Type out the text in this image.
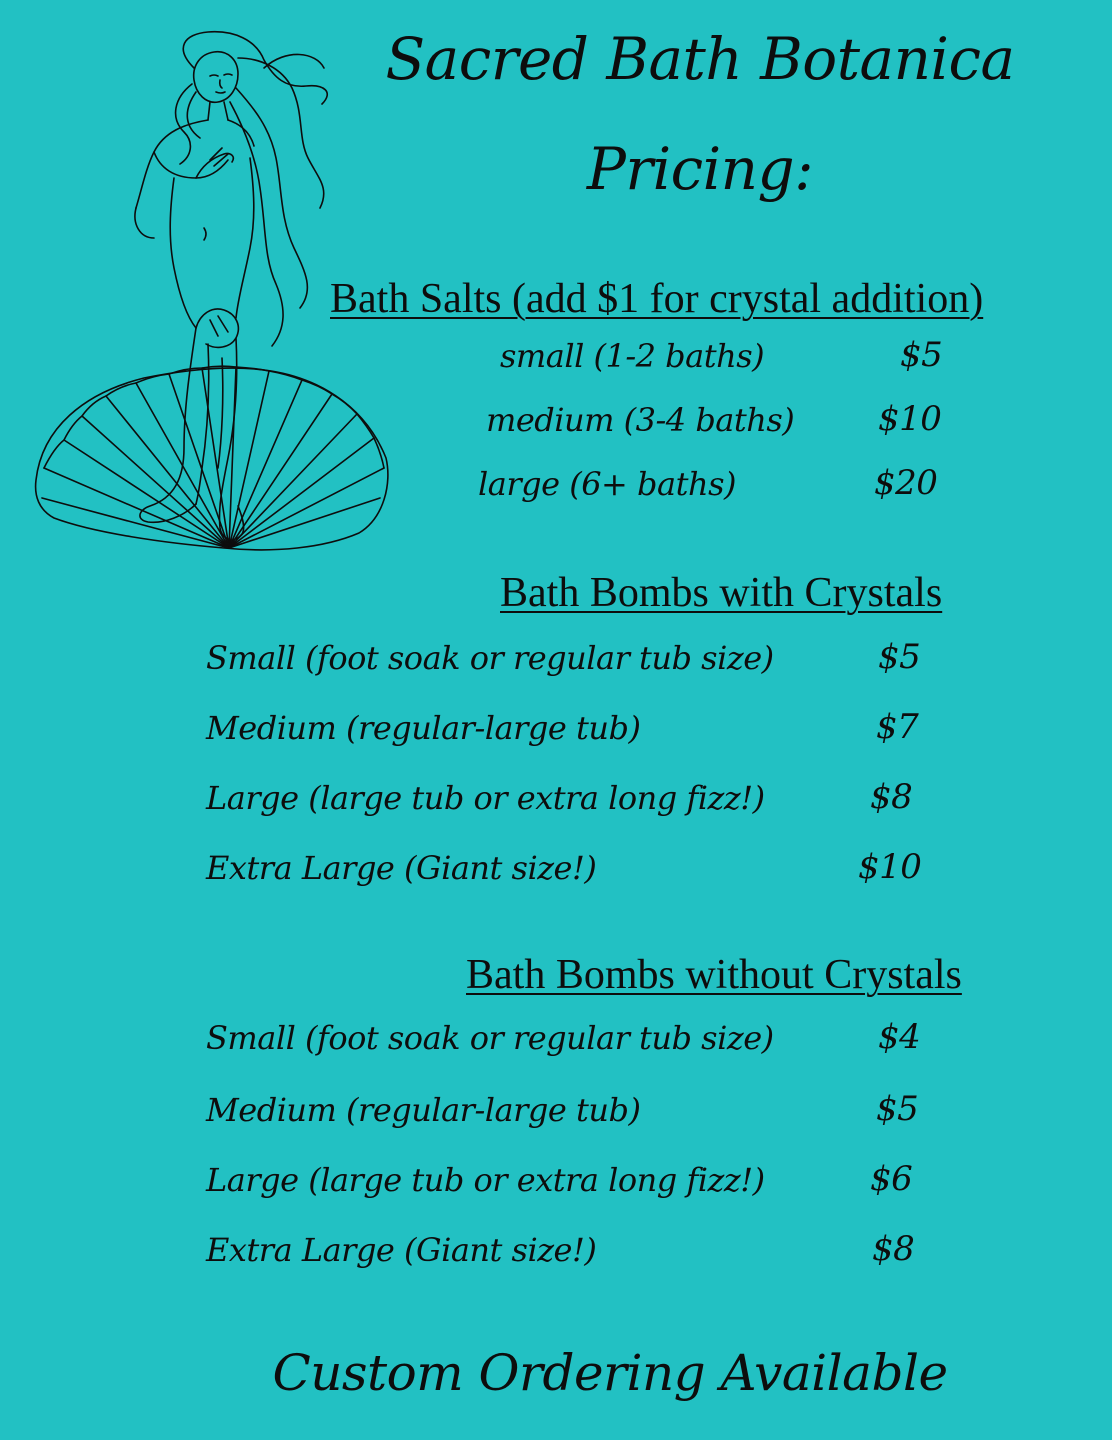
Sacred Bath Botanica
Pricing:
Bath Salts (add $1 for crystal addition)
small (1-2 baths)	$5
medium (3-4 baths) $10
large (6+ baths)	$20
Bath Bombs with Crystals
Small (foot soak or regular tub size)	$5
Medium (regular-large tub)	$7
Large (large tub or extra long fizz!)	$8
Extra Large (Giant size!)	$10
Bath Bombs without Crystals
Small (foot soak or regular tub size)	$4
Medium (regular-large tub)	$5
Large (large tub or extra long fizz!)	$6
Extra Large (Giant size!)	$8
Custom Ordering Available
